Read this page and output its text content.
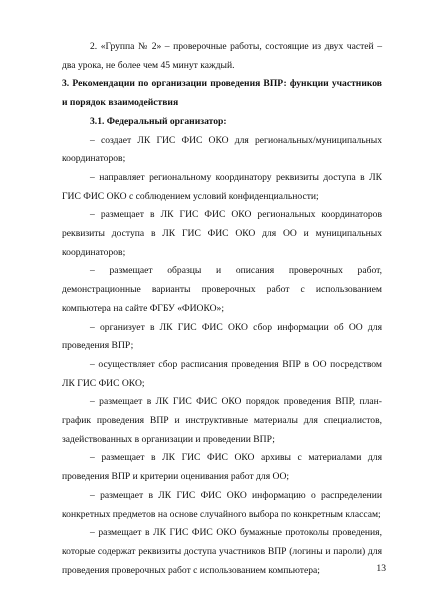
2. «Группа № 2» – проверочные работы, состоящие из двух частей – два урока, не более чем 45 минут каждый.

3. Рекомендации по организации проведения ВПР: функции участников и порядок взаимодействия

3.1. Федеральный организатор:

– создает ЛК ГИС ФИС ОКО для региональных/муниципальных координаторов;

– направляет региональному координатору реквизиты доступа в ЛК ГИС ФИС ОКО с соблюдением условий конфиденциальности;

– размещает в ЛК ГИС ФИС ОКО региональных координаторов реквизиты доступа в ЛК ГИС ФИС ОКО для ОО и муниципальных координаторов;

– размещает образцы и описания проверочных работ, демонстрационные варианты проверочных работ с использованием компьютера на сайте ФГБУ «ФИОКО»;

– организует в ЛК ГИС ФИС ОКО сбор информации об ОО для проведения ВПР;

– осуществляет сбор расписания проведения ВПР в ОО посредством ЛК ГИС ФИС ОКО;

– размещает в ЛК ГИС ФИС ОКО порядок проведения ВПР, план-график проведения ВПР и инструктивные материалы для специалистов, задействованных в организации и проведении ВПР;

– размещает в ЛК ГИС ФИС ОКО архивы с материалами для проведения ВПР и критерии оценивания работ для ОО;

– размещает в ЛК ГИС ФИС ОКО информацию о распределении конкретных предметов на основе случайного выбора по конкретным классам;

– размещает в ЛК ГИС ФИС ОКО бумажные протоколы проведения, которые содержат реквизиты доступа участников ВПР (логины и пароли) для проведения проверочных работ с использованием компьютера;	13
